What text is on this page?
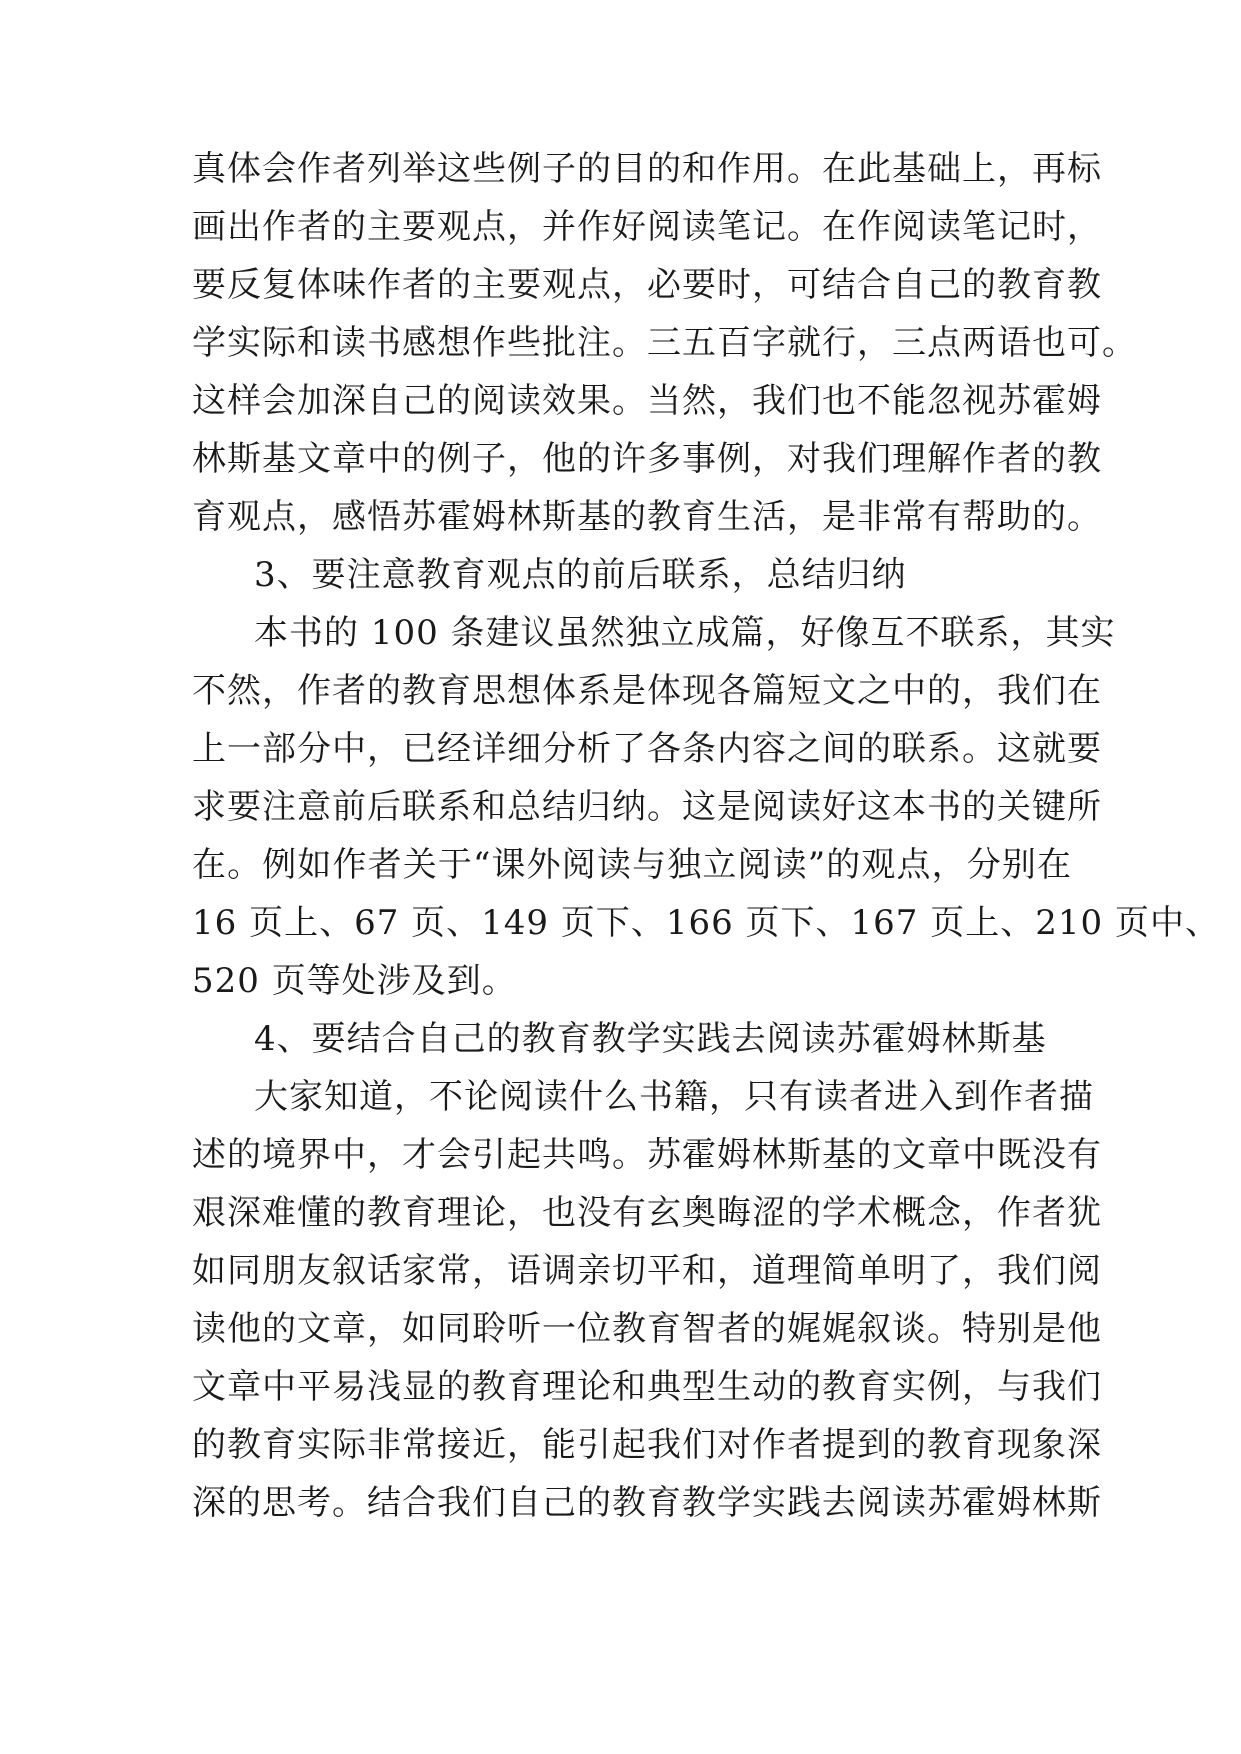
真体会作者列举这些例子的目的和作用。在此基础上，再标
画出作者的主要观点，并作好阅读笔记。在作阅读笔记时，
要反复体味作者的主要观点，必要时，可结合自己的教育教
学实际和读书感想作些批注。三五百字就行，三点两语也可。
这样会加深自己的阅读效果。当然，我们也不能忽视苏霍姆
林斯基文章中的例子，他的许多事例，对我们理解作者的教
育观点，感悟苏霍姆林斯基的教育生活，是非常有帮助的。
3、要注意教育观点的前后联系，总结归纳
本书的 100 条建议虽然独立成篇，好像互不联系，其实
不然，作者的教育思想体系是体现各篇短文之中的，我们在
上一部分中，已经详细分析了各条内容之间的联系。这就要
求要注意前后联系和总结归纳。这是阅读好这本书的关键所
在。例如作者关于“课外阅读与独立阅读”的观点，分别在
16 页上、67 页、149 页下、166 页下、167 页上、210 页中、
520 页等处涉及到。
4、要结合自己的教育教学实践去阅读苏霍姆林斯基
大家知道，不论阅读什么书籍，只有读者进入到作者描
述的境界中，才会引起共鸣。苏霍姆林斯基的文章中既没有
艰深难懂的教育理论，也没有玄奥晦涩的学术概念，作者犹
如同朋友叙话家常，语调亲切平和，道理简单明了，我们阅
读他的文章，如同聆听一位教育智者的娓娓叙谈。特别是他
文章中平易浅显的教育理论和典型生动的教育实例，与我们
的教育实际非常接近，能引起我们对作者提到的教育现象深
深的思考。结合我们自己的教育教学实践去阅读苏霍姆林斯
